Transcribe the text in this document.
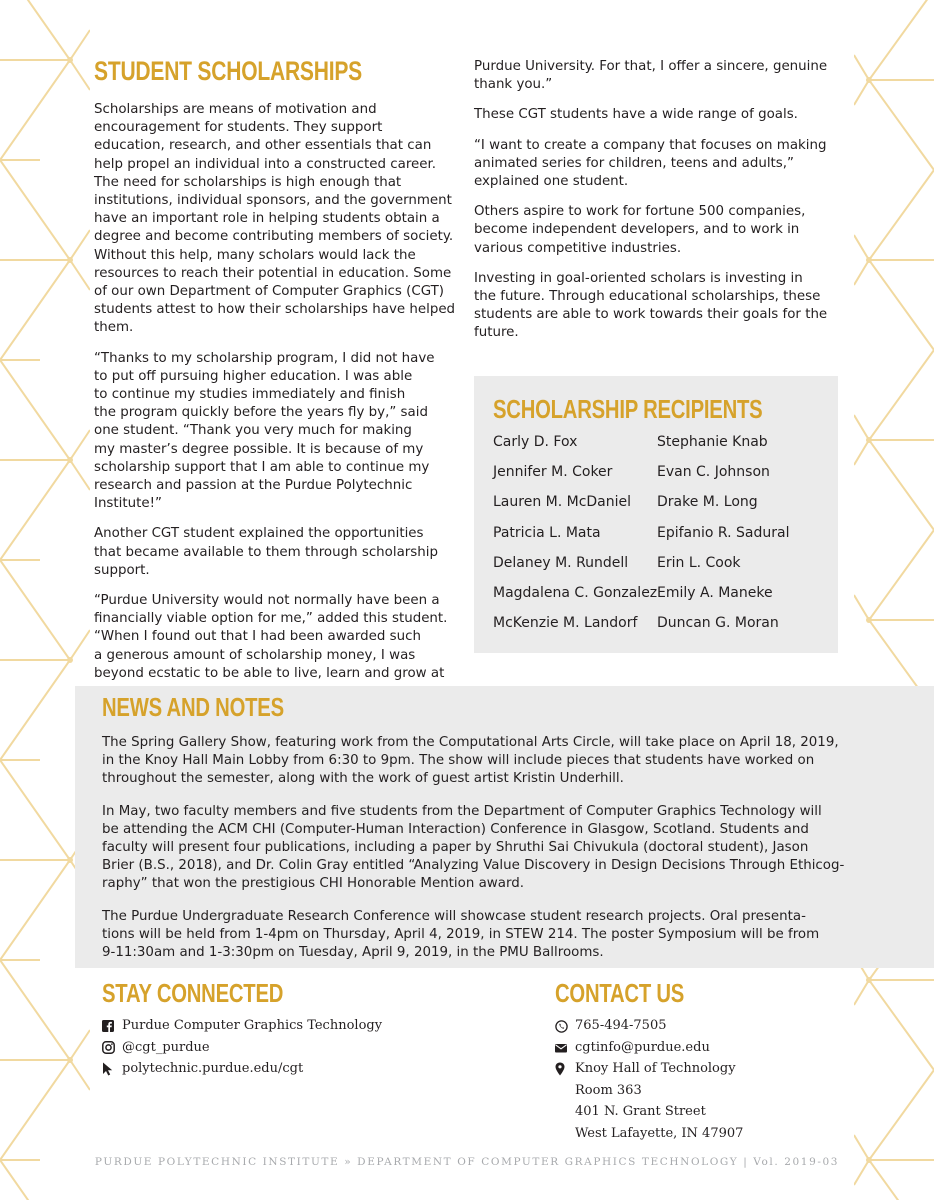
STUDENT SCHOLARSHIPS

Scholarships are means of motivation and
encouragement for students. They support
education, research, and other essentials that can
help propel an individual into a constructed career.
The need for scholarships is high enough that
institutions, individual sponsors, and the government
have an important role in helping students obtain a
degree and become contributing members of society.
Without this help, many scholars would lack the
resources to reach their potential in education. Some
of our own Department of Computer Graphics (CGT)
students attest to how their scholarships have helped
them.

“Thanks to my scholarship program, I did not have
to put off pursuing higher education. I was able
to continue my studies immediately and finish
the program quickly before the years fly by,” said
one student. “Thank you very much for making
my master’s degree possible. It is because of my
scholarship support that I am able to continue my
research and passion at the Purdue Polytechnic
Institute!”

Another CGT student explained the opportunities
that became available to them through scholarship
support.

“Purdue University would not normally have been a
financially viable option for me,” added this student.
“When I found out that I had been awarded such
a generous amount of scholarship money, I was
beyond ecstatic to be able to live, learn and grow at

Purdue University. For that, I offer a sincere, genuine
thank you.”

These CGT students have a wide range of goals.

“I want to create a company that focuses on making
animated series for children, teens and adults,”
explained one student.

Others aspire to work for fortune 500 companies,
become independent developers, and to work in
various competitive industries.

Investing in goal-oriented scholars is investing in
the future. Through educational scholarships, these
students are able to work towards their goals for the
future.

SCHOLARSHIP RECIPIENTS
Carly D. Fox
Jennifer M. Coker
Lauren M. McDaniel
Patricia L. Mata
Delaney M. Rundell
Magdalena C. Gonzalez
McKenzie M. Landorf
Stephanie Knab
Evan C. Johnson
Drake M. Long
Epifanio R. Sadural
Erin L. Cook
Emily A. Maneke
Duncan G. Moran
NEWS AND NOTES

The Spring Gallery Show, featuring work from the Computational Arts Circle, will take place on April 18, 2019,
in the Knoy Hall Main Lobby from 6:30 to 9pm. The show will include pieces that students have worked on
throughout the semester, along with the work of guest artist Kristin Underhill.

In May, two faculty members and five students from the Department of Computer Graphics Technology will
be attending the ACM CHI (Computer-Human Interaction) Conference in Glasgow, Scotland. Students and
faculty will present four publications, including a paper by Shruthi Sai Chivukula (doctoral student), Jason
Brier (B.S., 2018), and Dr. Colin Gray entitled “Analyzing Value Discovery in Design Decisions Through Ethicog-
raphy” that won the prestigious CHI Honorable Mention award.

The Purdue Undergraduate Research Conference will showcase student research projects. Oral presenta-
tions will be held from 1-4pm on Thursday, April 4, 2019, in STEW 214. The poster Symposium will be from
9-11:30am and 1-3:30pm on Tuesday, April 9, 2019, in the PMU Ballrooms.

STAY CONNECTED
Purdue Computer Graphics Technology
@cgt_purdue
polytechnic.purdue.edu/cgt
CONTACT US
765-494-7505
cgtinfo@purdue.edu
Knoy Hall of Technology
Room 363
401 N. Grant Street
West Lafayette, IN 47907
PURDUE POLYTECHNIC INSTITUTE » DEPARTMENT OF COMPUTER GRAPHICS TECHNOLOGY | Vol. 2019-03
